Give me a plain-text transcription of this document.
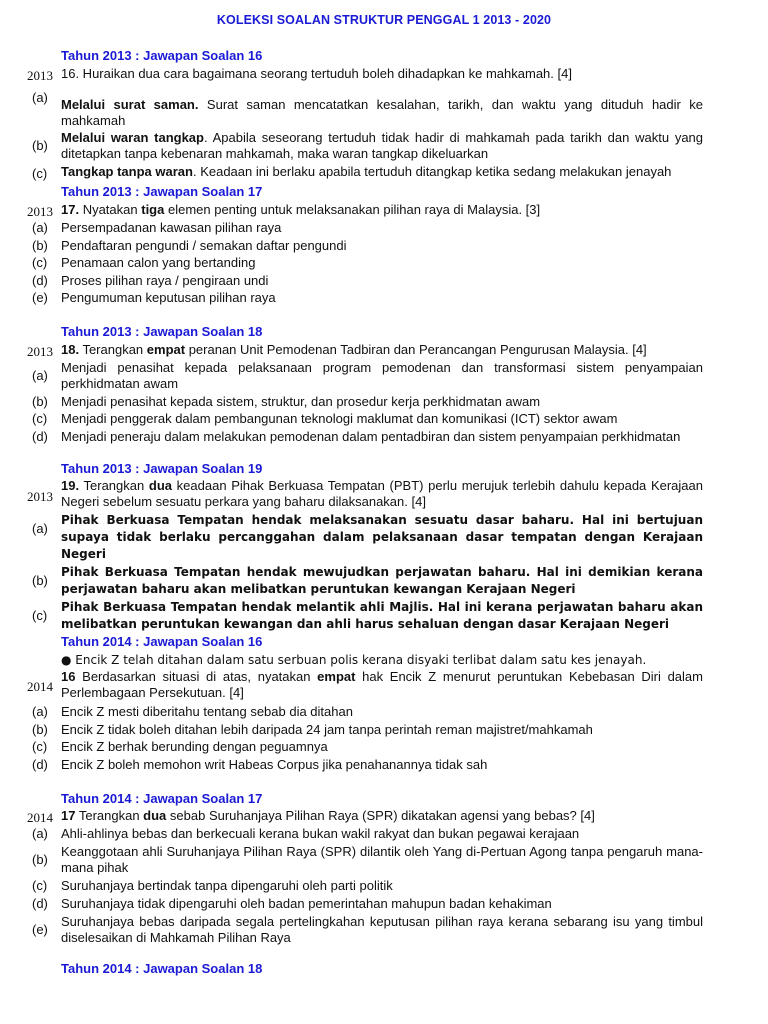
KOLEKSI SOALAN STRUKTUR PENGGAL 1 2013 - 2020
Tahun 2013 : Jawapan Soalan 16
2013 16. Huraikan dua cara bagaimana seorang tertuduh boleh dihadapkan ke mahkamah. [4]
(a) Melalui surat saman. Surat saman mencatatkan kesalahan, tarikh, dan waktu yang dituduh hadir ke mahkamah
(b)
Melalui waran tangkap. Apabila seseorang tertuduh tidak hadir di mahkamah pada tarikh dan waktu yang ditetapkan tanpa kebenaran mahkamah, maka waran tangkap dikeluarkan
(c) Tangkap tanpa waran. Keadaan ini berlaku apabila tertuduh ditangkap ketika sedang melakukan jenayah
Tahun 2013 : Jawapan Soalan 17
2013 17. Nyatakan tiga elemen penting untuk melaksanakan pilihan raya di Malaysia. [3]
(a) Persempadanan kawasan pilihan raya
(b) Pendaftaran pengundi / semakan daftar pengundi
(c) Penamaan calon yang bertanding
(d) Proses pilihan raya / pengiraan undi
(e) Pengumuman keputusan pilihan raya
Tahun 2013 : Jawapan Soalan 18
2013 18. Terangkan empat peranan Unit Pemodenan Tadbiran dan Perancangan Pengurusan Malaysia. [4]
(a)
Menjadi penasihat kepada pelaksanaan program pemodenan dan transformasi sistem penyampaian perkhidmatan awam
(b) Menjadi penasihat kepada sistem, struktur, dan prosedur kerja perkhidmatan awam
(c) Menjadi penggerak dalam pembangunan teknologi maklumat dan komunikasi (ICT) sektor awam
(d) Menjadi peneraju dalam melakukan pemodenan dalam pentadbiran dan sistem penyampaian perkhidmatan
Tahun 2013 : Jawapan Soalan 19
2013
19. Terangkan dua keadaan Pihak Berkuasa Tempatan (PBT) perlu merujuk terlebih dahulu kepada Kerajaan Negeri sebelum sesuatu perkara yang baharu dilaksanakan. [4]
(a)
Pihak Berkuasa Tempatan hendak melaksanakan sesuatu dasar baharu. Hal ini bertujuan supaya tidak berlaku percanggahan dalam pelaksanaan dasar tempatan dengan Kerajaan Negeri
(b)
Pihak Berkuasa Tempatan hendak mewujudkan perjawatan baharu. Hal ini demikian kerana perjawatan baharu akan melibatkan peruntukan kewangan Kerajaan Negeri
(c)
Pihak Berkuasa Tempatan hendak melantik ahli Majlis. Hal ini kerana perjawatan baharu akan melibatkan peruntukan kewangan dan ahli harus sehaluan dengan dasar Kerajaan Negeri
Tahun 2014 : Jawapan Soalan 16
● Encik Z telah ditahan dalam satu serbuan polis kerana disyaki terlibat dalam satu kes jenayah.
2014
16 Berdasarkan situasi di atas, nyatakan empat hak Encik Z menurut peruntukan Kebebasan Diri dalam Perlembagaan Persekutuan. [4]
(a) Encik Z mesti diberitahu tentang sebab dia ditahan
(b) Encik Z tidak boleh ditahan lebih daripada 24 jam tanpa perintah reman majistret/mahkamah
(c) Encik Z berhak berunding dengan peguamnya
(d) Encik Z boleh memohon writ Habeas Corpus jika penahanannya tidak sah
Tahun 2014 : Jawapan Soalan 17
2014 17 Terangkan dua sebab Suruhanjaya Pilihan Raya (SPR) dikatakan agensi yang bebas? [4]
(a) Ahli-ahlinya bebas dan berkecuali kerana bukan wakil rakyat dan bukan pegawai kerajaan
(b)
Keanggotaan ahli Suruhanjaya Pilihan Raya (SPR) dilantik oleh Yang di-Pertuan Agong tanpa pengaruh mana-mana pihak
(c) Suruhanjaya bertindak tanpa dipengaruhi oleh parti politik
(d) Suruhanjaya tidak dipengaruhi oleh badan pemerintahan mahupun badan kehakiman
(e)
Suruhanjaya bebas daripada segala pertelingkahan keputusan pilihan raya kerana sebarang isu yang timbul diselesaikan di Mahkamah Pilihan Raya
Tahun 2014 : Jawapan Soalan 18
